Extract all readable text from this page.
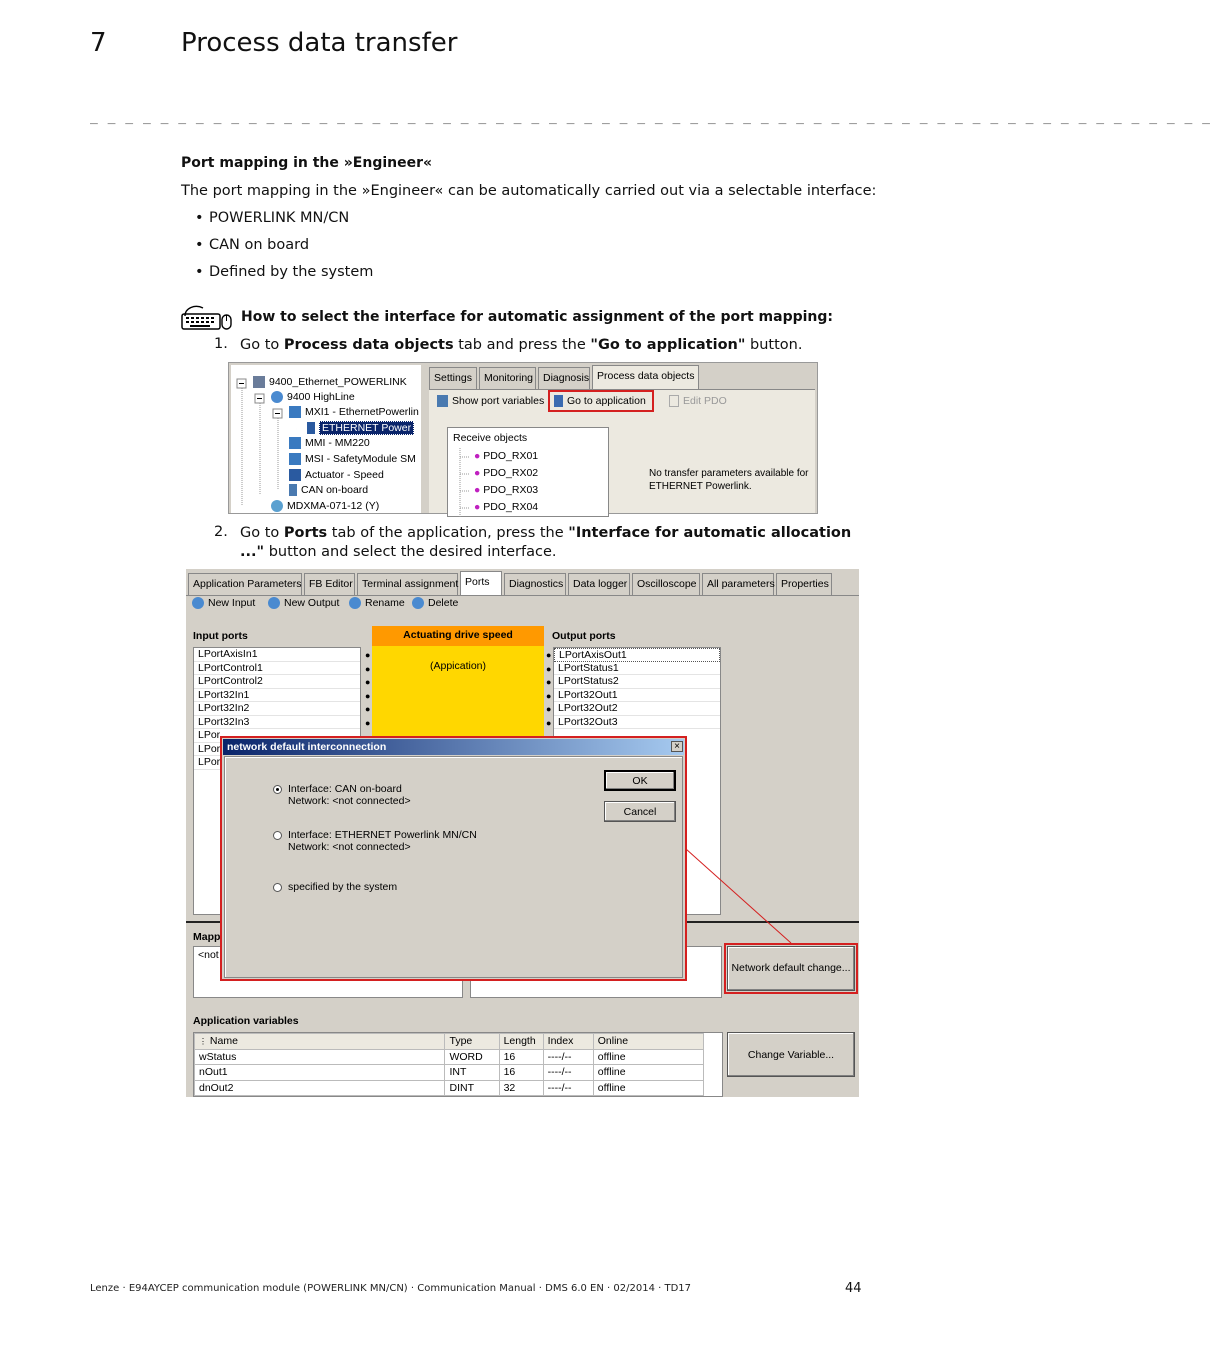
7	Process data transfer
_ _ _ _ _ _ _ _ _ _ _ _ _ _ _ _ _ _ _ _ _ _ _ _ _ _ _ _ _ _ _ _ _ _ _ _ _ _ _ _ _ _ _ _ _ _ _ _ _ _ _ _ _ _ _ _ _ _ _ _ _ _ _ _
Port mapping in the »Engineer«
The port mapping in the »Engineer« can be automatically carried out via a selectable interface:
• POWERLINK MN/CN
• CAN on board
• Defined by the system
How to select the interface for automatic assignment of the port mapping:
1. Go to Process data objects tab and press the "Go to application" button.
9400_Ethernet_POWERLINK
9400 HighLine
MXI1 - EthernetPowerlin
ETHERNET Power
MMI - MM220
MSI - SafetyModule SM
Actuator - Speed
CAN on-board
MDXMA-071-12 (Y)
Settings	Monitoring Diagnosis Process data objects
Show port variables	Go to application	Edit PDO
Receive objects
● PDO_RX01
● PDO_RX02
● PDO_RX03
● PDO_RX04
No transfer parameters available for
ETHERNET Powerlink.
2. Go to Ports tab of the application, press the "Interface for automatic allocation ..." button and select the desired interface.
Application Parameters FB Editor Terminal assignment Ports	Diagnostics Data logger Oscilloscope All parameters Properties
New Input	New Output	Rename	Delete
Input ports
LPortAxisIn1
LPortControl1
LPortControl2
LPort32In1
LPort32In2
LPort32In3
LPor
LPor
LPor
●
●
●
●
●
●
Actuating drive speed
(Appication)
●
●
●
●
●
●
Output ports
LPortAxisOut1
LPortStatus1
LPortStatus2
LPort32Out1
LPort32Out2
LPort32Out3
Mapp
<not
Network default change...
Application variables
⋮ Name	Type	Length	Index	Online
wStatus	WORD	16	----/--	offline
nOut1	INT	16	----/--	offline
dnOut2	DINT	32	----/--	offline
Change Variable...
network default interconnection	×
Interface: CAN on-board
Network: <not connected>
Interface: ETHERNET Powerlink MN/CN
Network: <not connected>
specified by the system
OK
Cancel
Lenze · E94AYCEP communication module (POWERLINK MN/CN) · Communication Manual · DMS 6.0 EN · 02/2014 · TD17	44
